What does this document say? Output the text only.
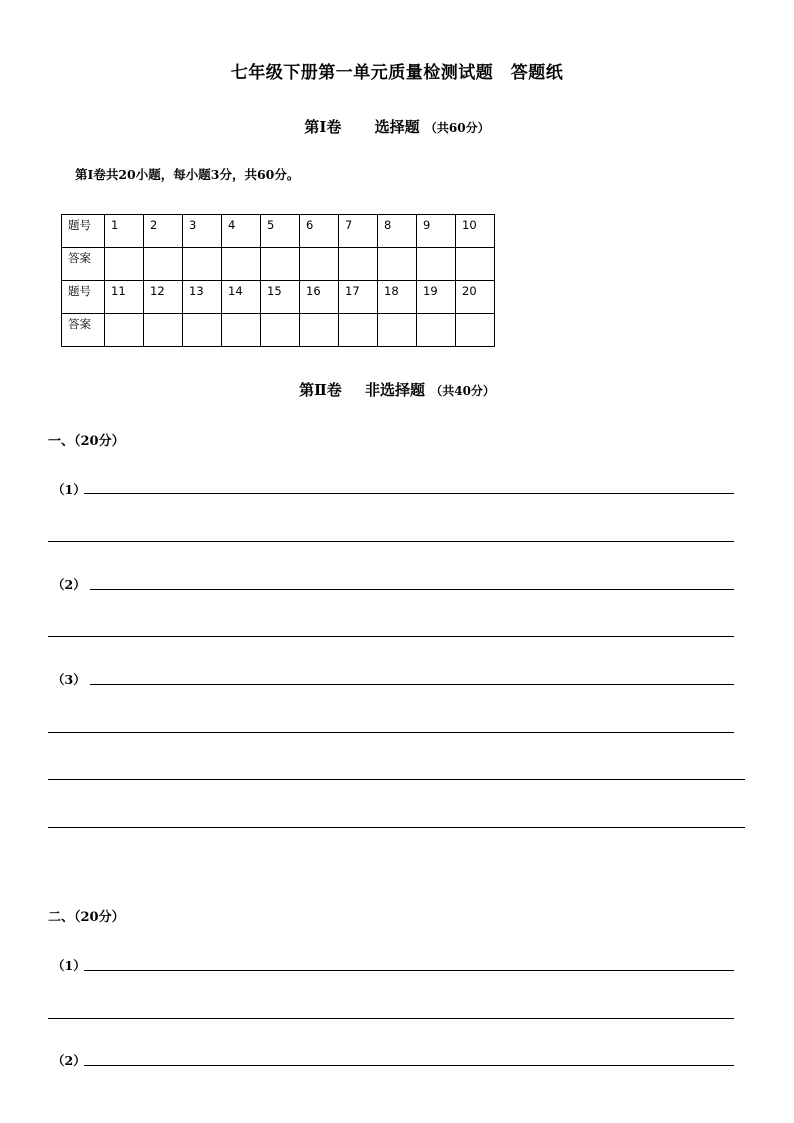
七年级下册第一单元质量检测试题　答题纸
第Ⅰ卷 选择题 （共60分）
第Ⅰ卷共20小题，每小题3分，共60分。
题号	1	2	3	4	5	6	7	8	9	10
答案										
题号	11	12	13	14	15	16	17	18	19	20
答案										
第Ⅱ卷 非选择题 （共40分）
一、（20分）
（1）
（2）
（3）
二、（20分）
（1）
（2）
